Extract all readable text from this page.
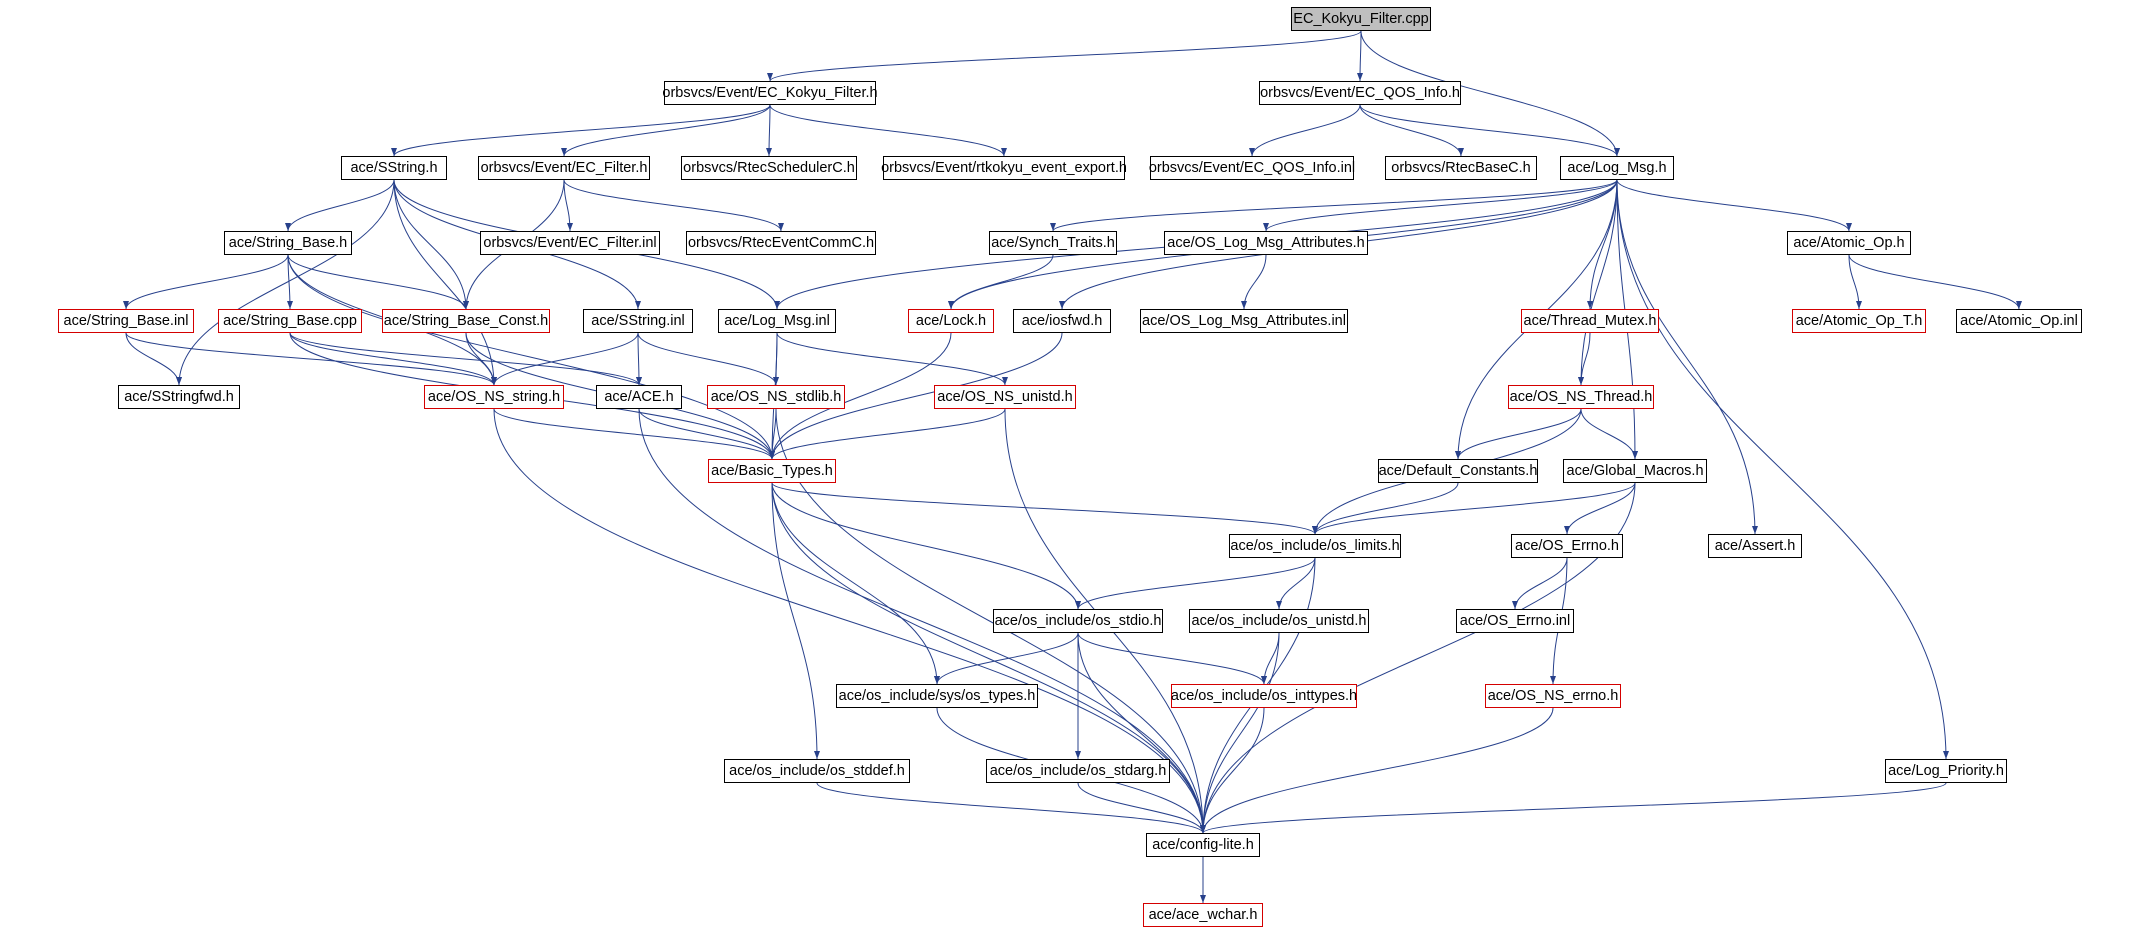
EC_Kokyu_Filter.cpp
orbsvcs/Event/EC_Kokyu_Filter.h	orbsvcs/Event/EC_QOS_Info.h
ace/SString.h	orbsvcs/Event/EC_Filter.h orbsvcs/RtecSchedulerC.h orbsvcs/Event/rtkokyu_event_export.h orbsvcs/Event/EC_QOS_Info.inl	orbsvcs/RtecBaseC.h	ace/Log_Msg.h
ace/String_Base.h	orbsvcs/Event/EC_Filter.inl orbsvcs/RtecEventCommC.h	ace/Synch_Traits.h	ace/OS_Log_Msg_Attributes.h	ace/Atomic_Op.h
ace/String_Base.inl	ace/String_Base.cpp	ace/String_Base_Const.h	ace/SString.inl	ace/Log_Msg.inl	ace/Lock.h	ace/iosfwd.h	ace/OS_Log_Msg_Attributes.inl	ace/Thread_Mutex.h	ace/Atomic_Op_T.h	ace/Atomic_Op.inl
ace/SStringfwd.h	ace/OS_NS_string.h	ace/ACE.h	ace/OS_NS_stdlib.h	ace/OS_NS_unistd.h	ace/OS_NS_Thread.h
ace/Basic_Types.h	ace/Default_Constants.h ace/Global_Macros.h
ace/os_include/os_limits.h	ace/OS_Errno.h	ace/Assert.h
ace/os_include/os_stdio.h ace/os_include/os_unistd.h	ace/OS_Errno.inl
ace/os_include/sys/os_types.h	ace/os_include/os_inttypes.h	ace/OS_NS_errno.h
ace/os_include/os_stddef.h	ace/os_include/os_stdarg.h	ace/Log_Priority.h
ace/config-lite.h
ace/ace_wchar.h
